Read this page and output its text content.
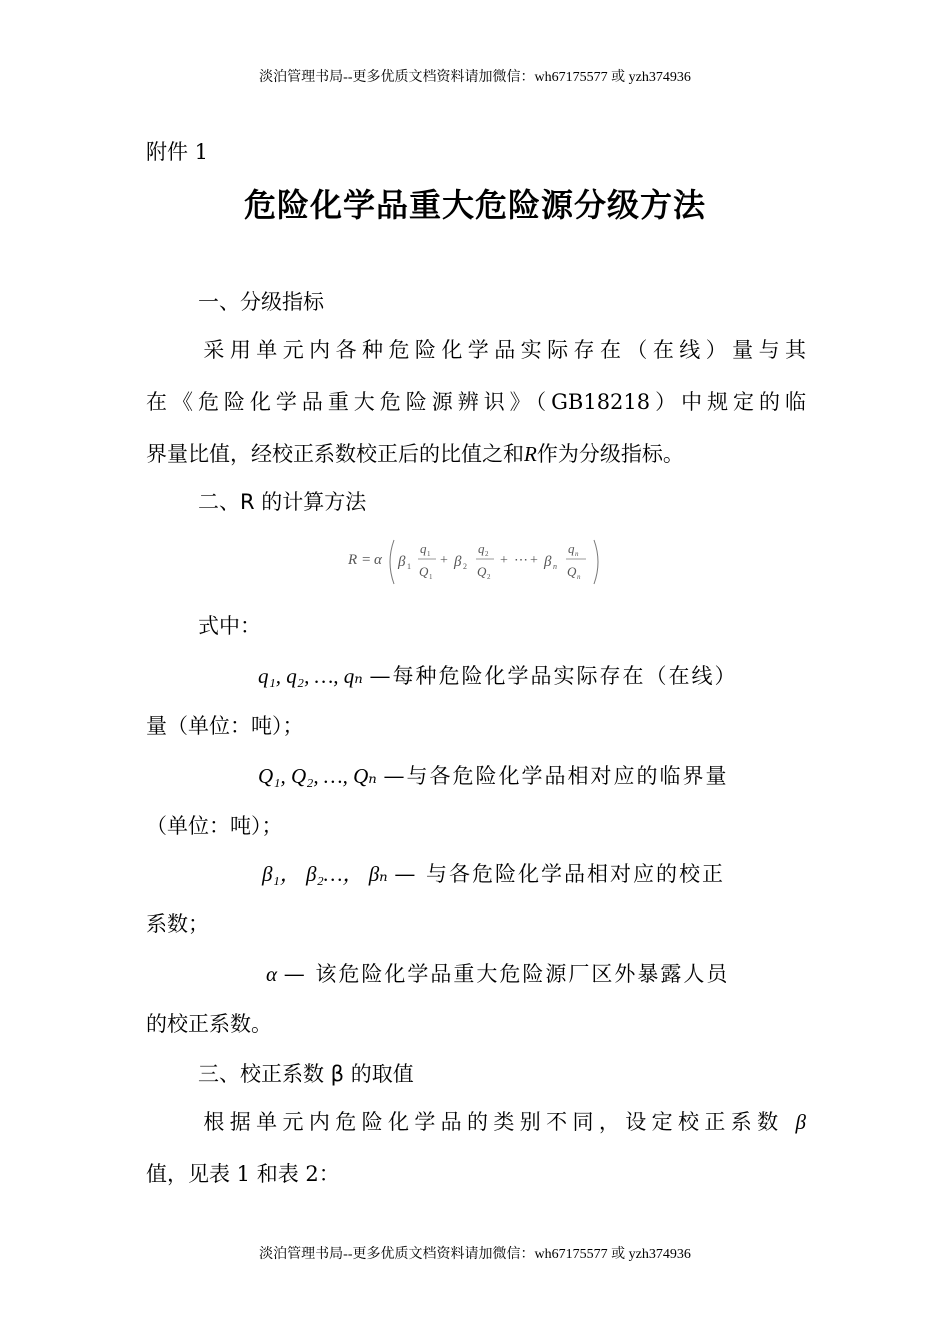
淡泊管理书局--更多优质文档资料请加微信：wh67175577 或 yzh374936
附件 1
危险化学品重大危险源分级方法
一、分级指标
采用单元内各种危险化学品实际存在（在线）量与其
在《危险化学品重大危险源辨识》（GB18218）中规定的临
界量比值，经校正系数校正后的比值之和R作为分级指标。
二、R 的计算方法
R = α β 1
q 1
Q 1
+ β 2
q 2
Q 2
+ ⋯ + β n
q n
Q n
式中：
q₁, q₂, …, qₙ —每种危险化学品实际存在（在线）
量（单位：吨）；
Q₁, Q₂, …, Qₙ —与各危险化学品相对应的临界量
（单位：吨）；
β₁， β₂…， βₙ — 与各危险化学品相对应的校正
系数；
α — 该危险化学品重大危险源厂区外暴露人员
的校正系数。
三、校正系数 β 的取值
根据单元内危险化学品的类别不同，设定校正系数 β
值，见表 1 和表 2：
淡泊管理书局--更多优质文档资料请加微信：wh67175577 或 yzh374936
